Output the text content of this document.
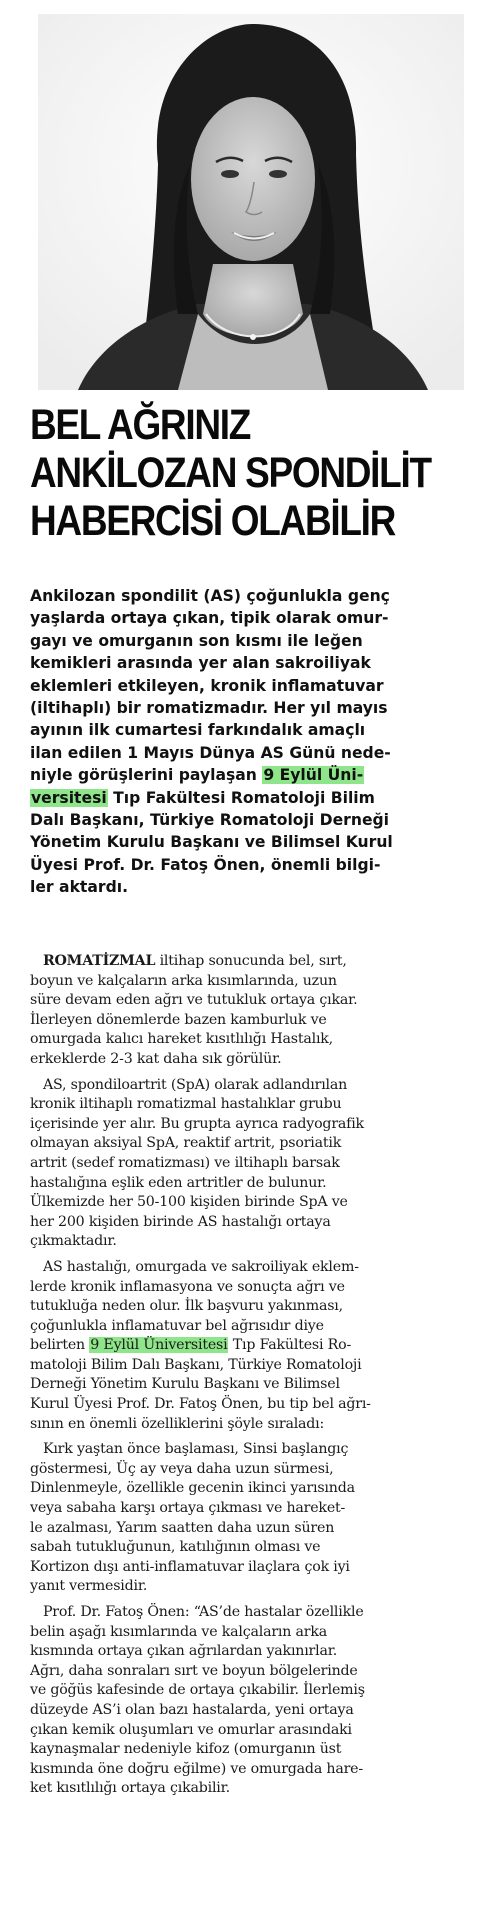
BEL AĞRINIZ
ANKİLOZAN SPONDİLİT
HABERCİSİ OLABİLİR
Ankilozan spondilit (AS) çoğunlukla genç
yaşlarda ortaya çıkan, tipik olarak omur-
gayı ve omurganın son kısmı ile leğen
kemikleri arasında yer alan sakroiliyak
eklemleri etkileyen, kronik inflamatuvar
(iltihaplı) bir romatizmadır. Her yıl mayıs
ayının ilk cumartesi farkındalık amaçlı
ilan edilen 1 Mayıs Dünya AS Günü nede-
niyle görüşlerini paylaşan 9 Eylül Üni-
versitesi Tıp Fakültesi Romatoloji Bilim
Dalı Başkanı, Türkiye Romatoloji Derneği
Yönetim Kurulu Başkanı ve Bilimsel Kurul
Üyesi Prof. Dr. Fatoş Önen, önemli bilgi-
ler aktardı.
ROMATİZMAL iltihap sonucunda bel, sırt,
boyun ve kalçaların arka kısımlarında, uzun
süre devam eden ağrı ve tutukluk ortaya çıkar.
İlerleyen dönemlerde bazen kamburluk ve
omurgada kalıcı hareket kısıtlılığı Hastalık,
erkeklerde 2-3 kat daha sık görülür.
AS, spondiloartrit (SpA) olarak adlandırılan
kronik iltihaplı romatizmal hastalıklar grubu
içerisinde yer alır. Bu grupta ayrıca radyografik
olmayan aksiyal SpA, reaktif artrit, psoriatik
artrit (sedef romatizması) ve iltihaplı barsak
hastalığına eşlik eden artritler de bulunur.
Ülkemizde her 50-100 kişiden birinde SpA ve
her 200 kişiden birinde AS hastalığı ortaya
çıkmaktadır.
AS hastalığı, omurgada ve sakroiliyak eklem-
lerde kronik inflamasyona ve sonuçta ağrı ve
tutukluğa neden olur. İlk başvuru yakınması,
çoğunlukla inflamatuvar bel ağrısıdır diye
belirten 9 Eylül Üniversitesi Tıp Fakültesi Ro-
matoloji Bilim Dalı Başkanı, Türkiye Romatoloji
Derneği Yönetim Kurulu Başkanı ve Bilimsel
Kurul Üyesi Prof. Dr. Fatoş Önen, bu tip bel ağrı-
sının en önemli özelliklerini şöyle sıraladı:
Kırk yaştan önce başlaması, Sinsi başlangıç
göstermesi, Üç ay veya daha uzun sürmesi,
Dinlenmeyle, özellikle gecenin ikinci yarısında
veya sabaha karşı ortaya çıkması ve hareket-
le azalması, Yarım saatten daha uzun süren
sabah tutukluğunun, katılığının olması ve
Kortizon dışı anti-inflamatuvar ilaçlara çok iyi
yanıt vermesidir.
Prof. Dr. Fatoş Önen: “AS’de hastalar özellikle
belin aşağı kısımlarında ve kalçaların arka
kısmında ortaya çıkan ağrılardan yakınırlar.
Ağrı, daha sonraları sırt ve boyun bölgelerinde
ve göğüs kafesinde de ortaya çıkabilir. İlerlemiş
düzeyde AS’i olan bazı hastalarda, yeni ortaya
çıkan kemik oluşumları ve omurlar arasındaki
kaynaşmalar nedeniyle kifoz (omurganın üst
kısmında öne doğru eğilme) ve omurgada hare-
ket kısıtlılığı ortaya çıkabilir.
